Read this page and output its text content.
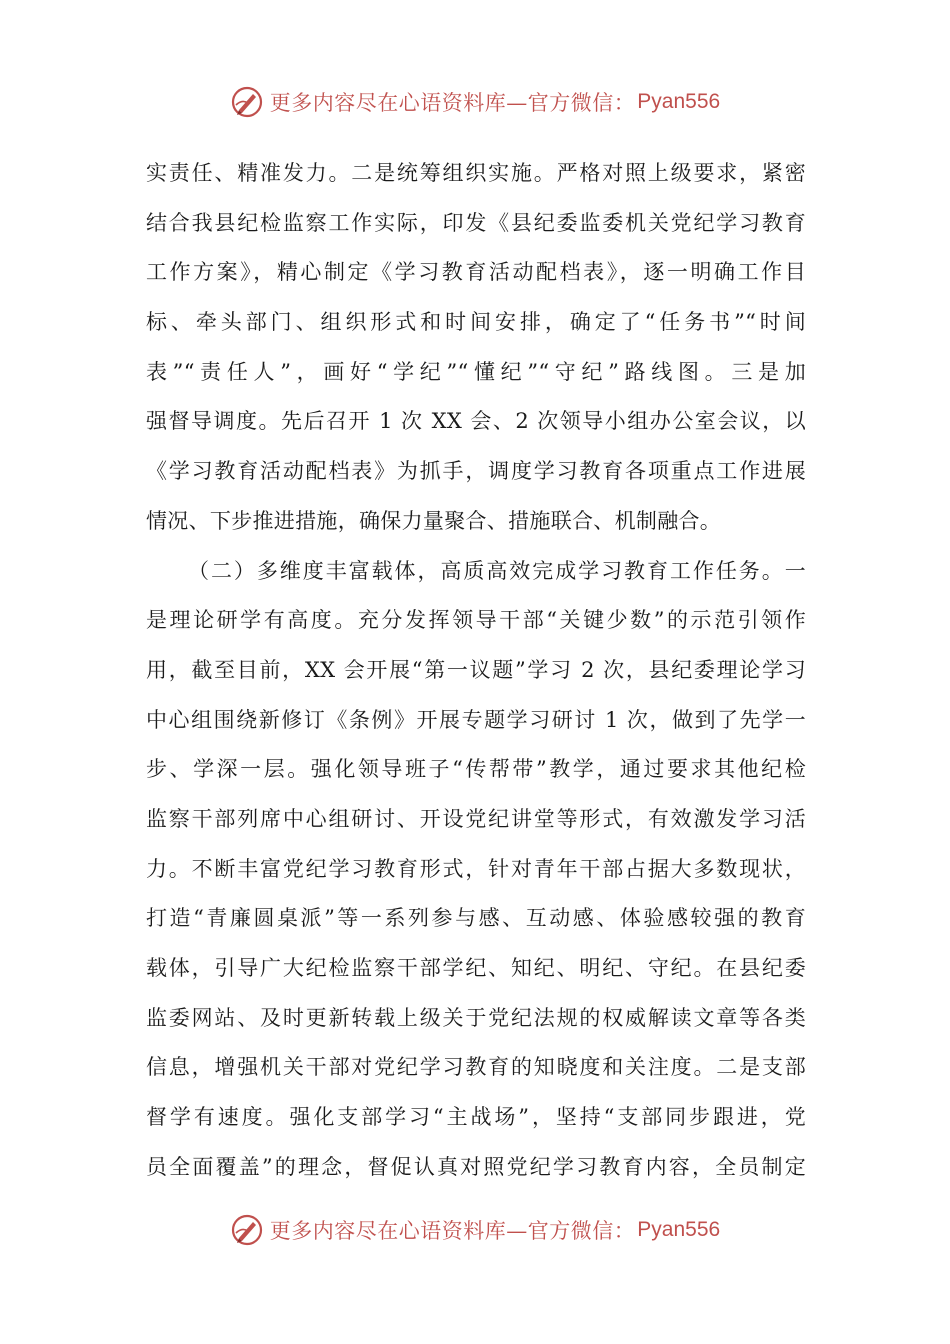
更多内容尽在心语资料库—官方微信： Pyan556
实责任、精准发力。二是统筹组织实施。严格对照上级要求，紧密
结合我县纪检监察工作实际，印发《县纪委监委机关党纪学习教育
工作方案》，精心制定《学习教育活动配档表》，逐一明确工作目
标、牵头部门、组织形式和时间安排，确定了“任务书”“时间
表”“责任人”，画好“学纪”“懂纪”“守纪”路线图。三是加
强督导调度。先后召开 1 次 XX 会、2 次领导小组办公室会议，以
《学习教育活动配档表》为抓手，调度学习教育各项重点工作进展
情况、下步推进措施，确保力量聚合、措施联合、机制融合。
（二）多维度丰富载体，高质高效完成学习教育工作任务。一
是理论研学有高度。充分发挥领导干部“关键少数”的示范引领作
用，截至目前，XX 会开展“第一议题”学习 2 次，县纪委理论学习
中心组围绕新修订《条例》开展专题学习研讨 1 次，做到了先学一
步、学深一层。强化领导班子“传帮带”教学，通过要求其他纪检
监察干部列席中心组研讨、开设党纪讲堂等形式，有效激发学习活
力。不断丰富党纪学习教育形式，针对青年干部占据大多数现状，
打造“青廉圆桌派”等一系列参与感、互动感、体验感较强的教育
载体，引导广大纪检监察干部学纪、知纪、明纪、守纪。在县纪委
监委网站、及时更新转载上级关于党纪法规的权威解读文章等各类
信息，增强机关干部对党纪学习教育的知晓度和关注度。二是支部
督学有速度。强化支部学习“主战场”，坚持“支部同步跟进，党
员全面覆盖”的理念，督促认真对照党纪学习教育内容，全员制定
更多内容尽在心语资料库—官方微信： Pyan556
